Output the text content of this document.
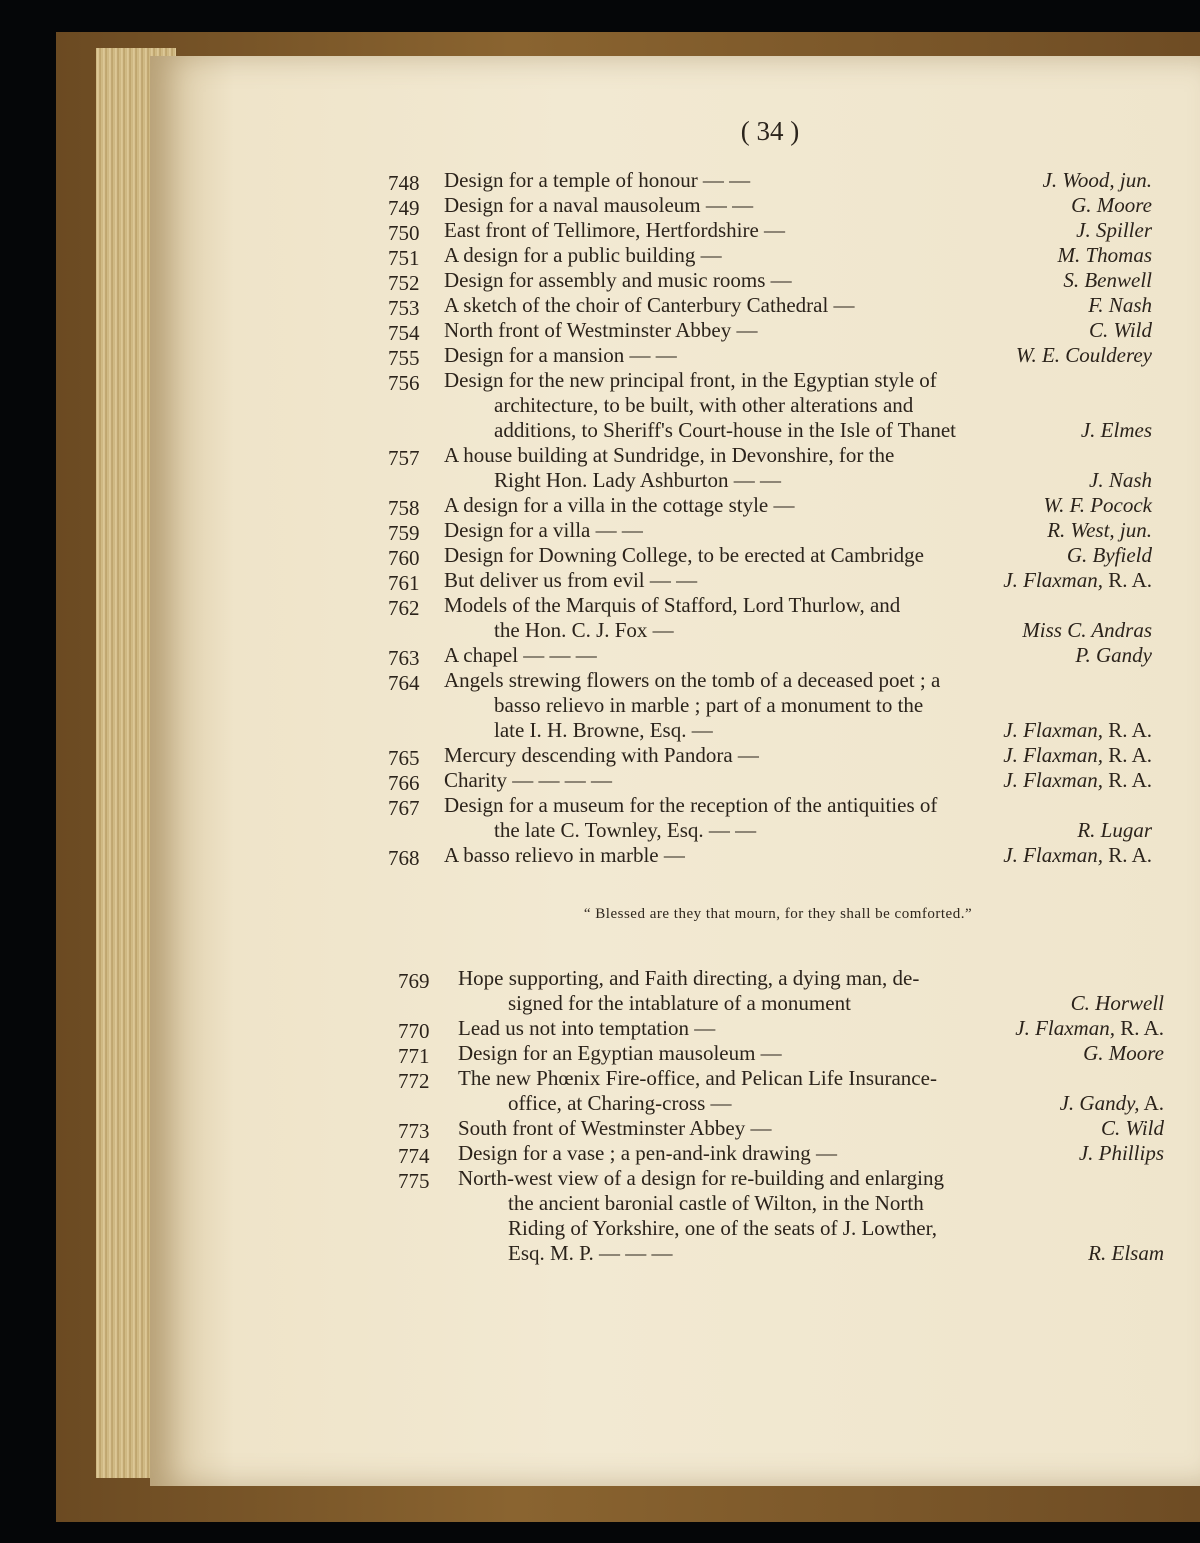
( 34 )
748	Design for a temple of honour — —	J. Wood, jun.
749	Design for a naval mausoleum — —	G. Moore
750	East front of Tellimore, Hertfordshire —	J. Spiller
751	A design for a public building —	M. Thomas
752	Design for assembly and music rooms —	S. Benwell
753	A sketch of the choir of Canterbury Cathedral —	F. Nash
754	North front of Westminster Abbey —	C. Wild
755	Design for a mansion — —	W. E. Coulderey
756	Design for the new principal front, in the Egyptian style of
architecture, to be built, with other alterations and
additions, to Sheriff's Court-house in the Isle of Thanet	J. Elmes
757	A house building at Sundridge, in Devonshire, for the
Right Hon. Lady Ashburton — —	J. Nash
758	A design for a villa in the cottage style —	W. F. Pocock
759	Design for a villa — —	R. West, jun.
760	Design for Downing College, to be erected at Cambridge	G. Byfield
761	But deliver us from evil — —	J. Flaxman, R. A.
762	Models of the Marquis of Stafford, Lord Thurlow, and
the Hon. C. J. Fox —	Miss C. Andras
763	A chapel — — —	P. Gandy
764	Angels strewing flowers on the tomb of a deceased poet ; a
basso relievo in marble ; part of a monument to the
late I. H. Browne, Esq. —	J. Flaxman, R. A.
765	Mercury descending with Pandora —	J. Flaxman, R. A.
766	Charity — — — —	J. Flaxman, R. A.
767	Design for a museum for the reception of the antiquities of
the late C. Townley, Esq. — —	R. Lugar
768	A basso relievo in marble —	J. Flaxman, R. A.
“ Blessed are they that mourn, for they shall be comforted.”
769	Hope supporting, and Faith directing, a dying man, de-
signed for the intablature of a monument	C. Horwell
770	Lead us not into temptation —	J. Flaxman, R. A.
771	Design for an Egyptian mausoleum —	G. Moore
772	The new Phœnix Fire-office, and Pelican Life Insurance-
office, at Charing-cross —	J. Gandy, A.
773	South front of Westminster Abbey —	C. Wild
774	Design for a vase ; a pen-and-ink drawing —	J. Phillips
775	North-west view of a design for re-building and enlarging
the ancient baronial castle of Wilton, in the North
Riding of Yorkshire, one of the seats of J. Lowther,
Esq. M. P. — — —	R. Elsam
